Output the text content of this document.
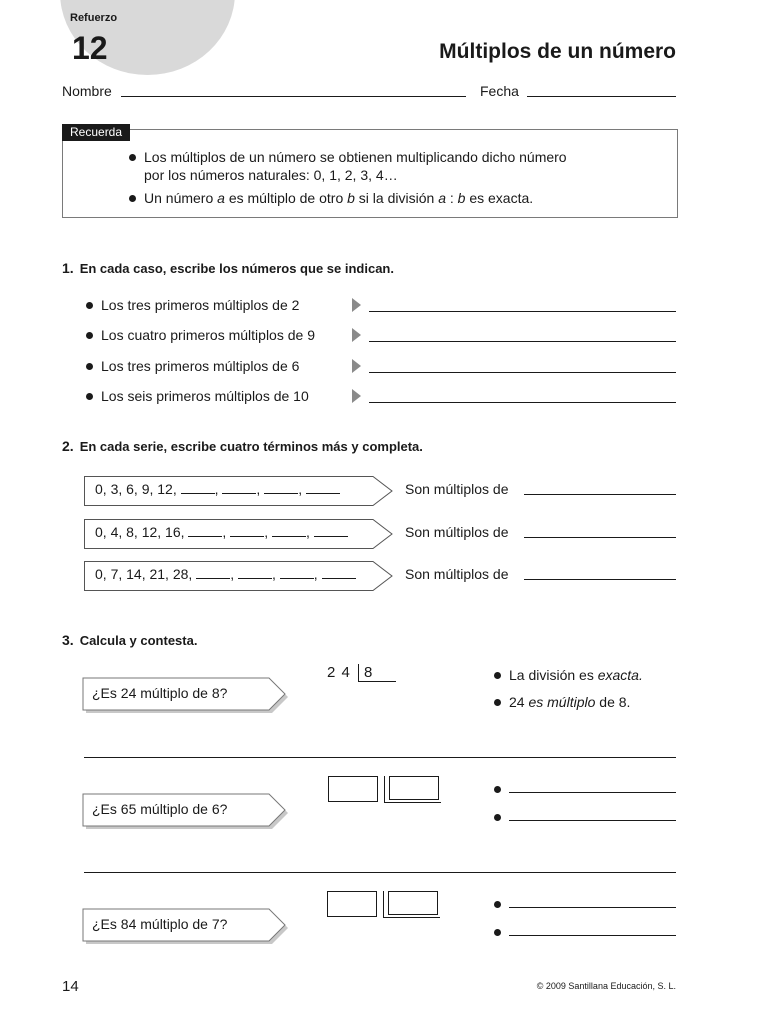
Refuerzo
12	Múltiplos de un número
Nombre	Fecha
Recuerda
Los múltiplos de un número se obtienen multiplicando dicho número
por los números naturales: 0, 1, 2, 3, 4…
Un número a es múltiplo de otro b si la división a : b es exacta.
1. En cada caso, escribe los números que se indican.
Los tres primeros múltiplos de 2
Los cuatro primeros múltiplos de 9
Los tres primeros múltiplos de 6
Los seis primeros múltiplos de 10
2. En cada serie, escribe cuatro términos más y completa.
0, 3, 6, 9, 12,	,	,	,	Son múltiplos de
0, 4, 8, 12, 16,	,	,	,	Son múltiplos de
0, 7, 14, 21, 28,	,	,	,	Son múltiplos de
3. Calcula y contesta.
¿Es 24 múltiplo de 8?
2 4 8	La división es exacta.
24 es múltiplo de 8.
¿Es 65 múltiplo de 6?
¿Es 84 múltiplo de 7?
14	© 2009 Santillana Educación, S. L.
